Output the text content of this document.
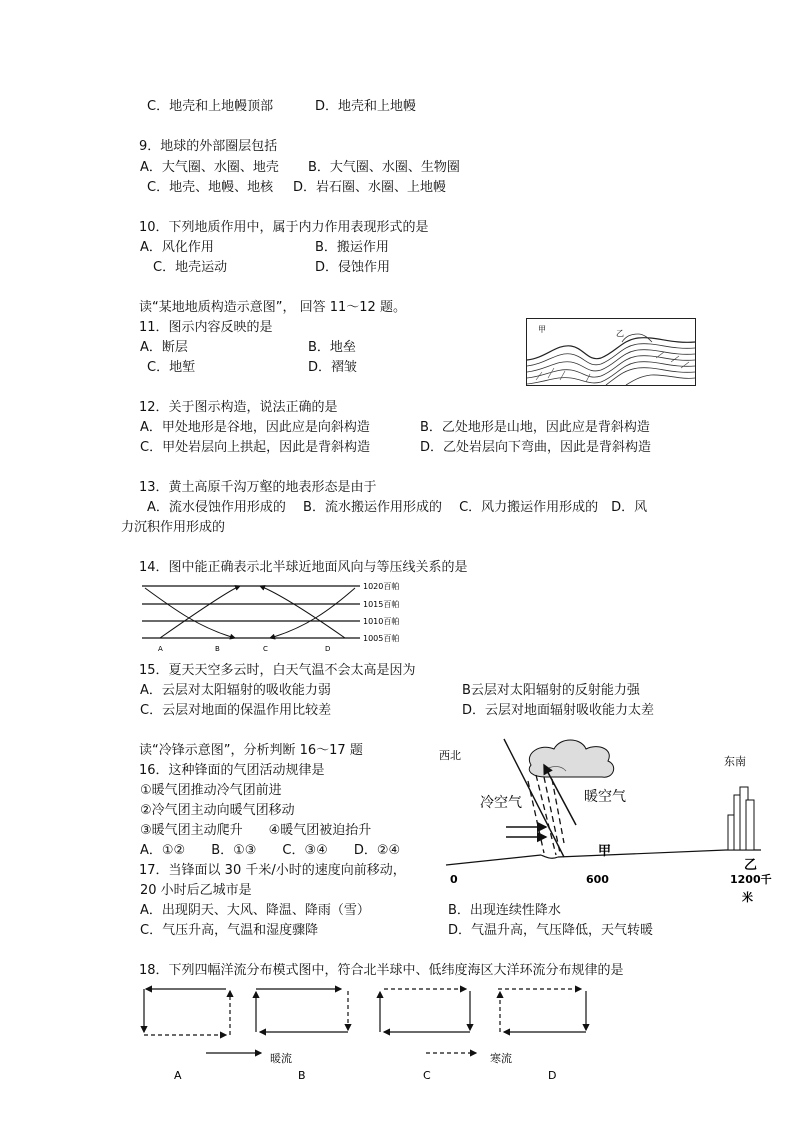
C．地壳和上地幔顶部	D．地壳和上地幔
9．地球的外部圈层包括
A．大气圈、水圈、地壳 B．大气圈、水圈、生物圈
C．地壳、地幔、地核 D．岩石圈、水圈、上地幔
10．下列地质作用中，属于内力作用表现形式的是
A．风化作用	B．搬运作用
C．地壳运动	D．侵蚀作用
读“某地地质构造示意图”， 回答 11～12 题。
11．图示内容反映的是
A．断层	B．地垒
C．地堑	D．褶皱
甲	乙
12．关于图示构造，说法正确的是
A．甲处地形是谷地，因此应是向斜构造	B．乙处地形是山地，因此应是背斜构造
C．甲处岩层向上拱起，因此是背斜构造	D．乙处岩层向下弯曲，因此是背斜构造
13．黄土高原千沟万壑的地表形态是由于
A．流水侵蚀作用形成的　 B．流水搬运作用形成的　 C．风力搬运作用形成的　D．风
力沉积作用形成的
14．图中能正确表示北半球近地面风向与等压线关系的是
1020百帕
1015百帕
1010百帕
1005百帕
A	B	C	D
15．夏天天空多云时，白天气温不会太高是因为
A．云层对太阳辐射的吸收能力弱	B云层对太阳辐射的反射能力强
C．云层对地面的保温作用比较差	D．云层对地面辐射吸收能力太差
读“冷锋示意图”，分析判断 16～17 题
16．这种锋面的气团活动规律是
①暖气团推动冷气团前进
②冷气团主动向暖气团移动
③暖气团主动爬升　　④暖气团被迫抬升
A．①②　　B．①③　　C．③④　　D．②④
17．当锋面以 30 千米/小时的速度向前移动，
20 小时后乙城市是
A．出现阴天、大风、降温、降雨（雪）	B．出现连续性降水
C．气压升高，气温和湿度骤降	D．气温升高，气压降低，天气转暖
西北	东南
冷空气	暖空气
甲
乙
0	600	1200千
米
18．下列四幅洋流分布模式图中，符合北半球中、低纬度海区大洋环流分布规律的是
暖流	寒流
A	B	C	D
